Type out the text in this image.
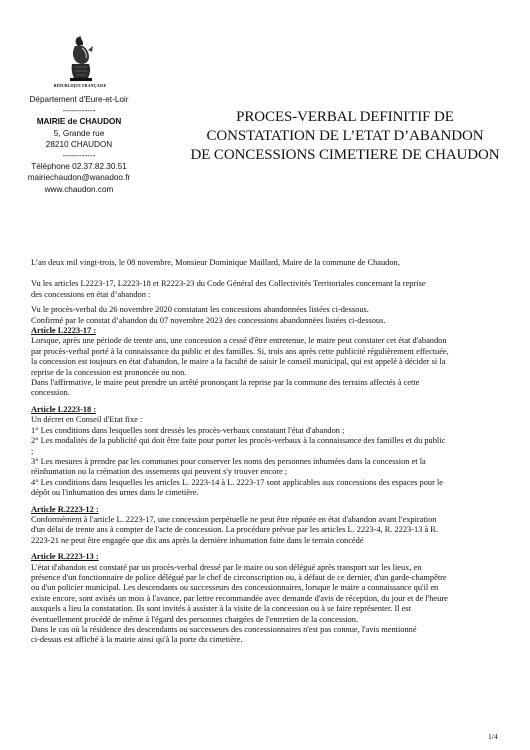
RÉPUBLIQUE FRANÇAISE
Département d'Eure-et-Loir
------------
MAIRIE de CHAUDON
5, Grande rue
28210 CHAUDON
------------
Téléphone 02.37.82.30.51
mairiechaudon@wanadoo.fr
www.chaudon.com
PROCES-VERBAL DEFINITIF DE
CONSTATATION DE L’ETAT D’ABANDON
DE CONCESSIONS CIMETIERE DE CHAUDON
L’an deux mil vingt-trois, le 08 novembre, Monsieur Dominique Maillard, Maire de la commune de Chaudon,
Vu les articles L2223-17, L2223-18 et R2223-23 du Code Général des Collectivités Territoriales concernant la reprise
des concessions en état d’abandon :
Vu le procès-verbal du 26 novembre 2020 constatant les concessions abandonnées listées ci-dessous.
Confirmé par le constat d’abandon du 07 novembre 2023 des concessions abandonnées listées ci-dessous.
Article L2223-17 :
Lorsque, après une période de trente ans, une concession a cessé d'être entretenue, le maire peut constater cet état d'abandon
par procès-verbal porté à la connaissance du public et des familles. Si, trois ans après cette publicité régulièrement effectuée,
la concession est toujours en état d'abandon, le maire a la faculté de saisir le conseil municipal, qui est appelé à décider si la
reprise de la concession est prononcée ou non.
Dans l'affirmative, le maire peut prendre un arrêté prononçant la reprise par la commune des terrains affectés à cette
concession.
Article L2223-18 :
Un décret en Conseil d'Etat fixe :
1° Les conditions dans lesquelles sont dressés les procès-verbaux constatant l'état d'abandon ;
2° Les modalités de la publicité qui doit être faite pour porter les procès-verbaux à la connaissance des familles et du public
;
3° Les mesures à prendre par les communes pour conserver les noms des personnes inhumées dans la concession et la
réinhumation ou la crémation des ossements qui peuvent s'y trouver encore ;
4° Les conditions dans lesquelles les articles L. 2223-14 à L. 2223-17 sont applicables aux concessions des espaces pour le
dépôt ou l'inhumation des urnes dans le cimetière.
Article R.2223-12 :
Conformément à l'article L. 2223-17, une concession perpétuelle ne peut être réputée en état d'abandon avant l'expiration
d'un délai de trente ans à compter de l'acte de concession. La procédure prévue par les articles L. 2223-4, R. 2223-13 à R.
2223-21 ne peut être engagée que dix ans après la dernière inhumation faite dans le terrain concédé
Article R.2223-13 :
L'état d'abandon est constaté par un procès-verbal dressé par le maire ou son délégué après transport sur les lieux, en
présence d'un fonctionnaire de police délégué par le chef de circonscription ou, à défaut de ce dernier, d'un garde-champêtre
ou d'un policier municipal. Les descendants ou successeurs des concessionnaires, lorsque le maire a connaissance qu'il en
existe encore, sont avisés un mois à l'avance, par lettre recommandée avec demande d'avis de réception, du jour et de l'heure
auxquels a lieu la constatation. Ils sont invités à assister à la visite de la concession ou à se faire représenter. Il est
éventuellement procédé de même à l'égard des personnes chargées de l'entretien de la concession.
Dans le cas où la résidence des descendants ou successeurs des concessionnaires n'est pas connue, l'avis mentionné
ci-dessus est affiché à la mairie ainsi qu'à la porte du cimetière.
1/4
